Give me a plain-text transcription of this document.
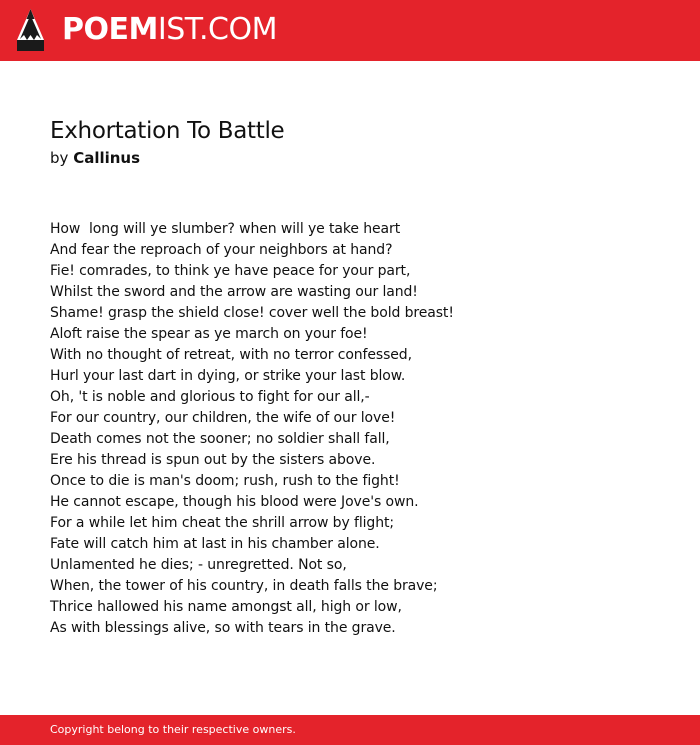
POEMIST.COM
Exhortation To Battle
by Callinus
How  long will ye slumber? when will ye take heart
And fear the reproach of your neighbors at hand?
Fie! comrades, to think ye have peace for your part,
Whilst the sword and the arrow are wasting our land!
Shame! grasp the shield close! cover well the bold breast!
Aloft raise the spear as ye march on your foe!
With no thought of retreat, with no terror confessed,
Hurl your last dart in dying, or strike your last blow.
Oh, 't is noble and glorious to fight for our all,-
For our country, our children, the wife of our love!
Death comes not the sooner; no soldier shall fall,
Ere his thread is spun out by the sisters above.
Once to die is man's doom; rush, rush to the fight!
He cannot escape, though his blood were Jove's own.
For a while let him cheat the shrill arrow by flight;
Fate will catch him at last in his chamber alone.
Unlamented he dies; - unregretted. Not so,
When, the tower of his country, in death falls the brave;
Thrice hallowed his name amongst all, high or low,
As with blessings alive, so with tears in the grave.
Copyright belong to their respective owners.
